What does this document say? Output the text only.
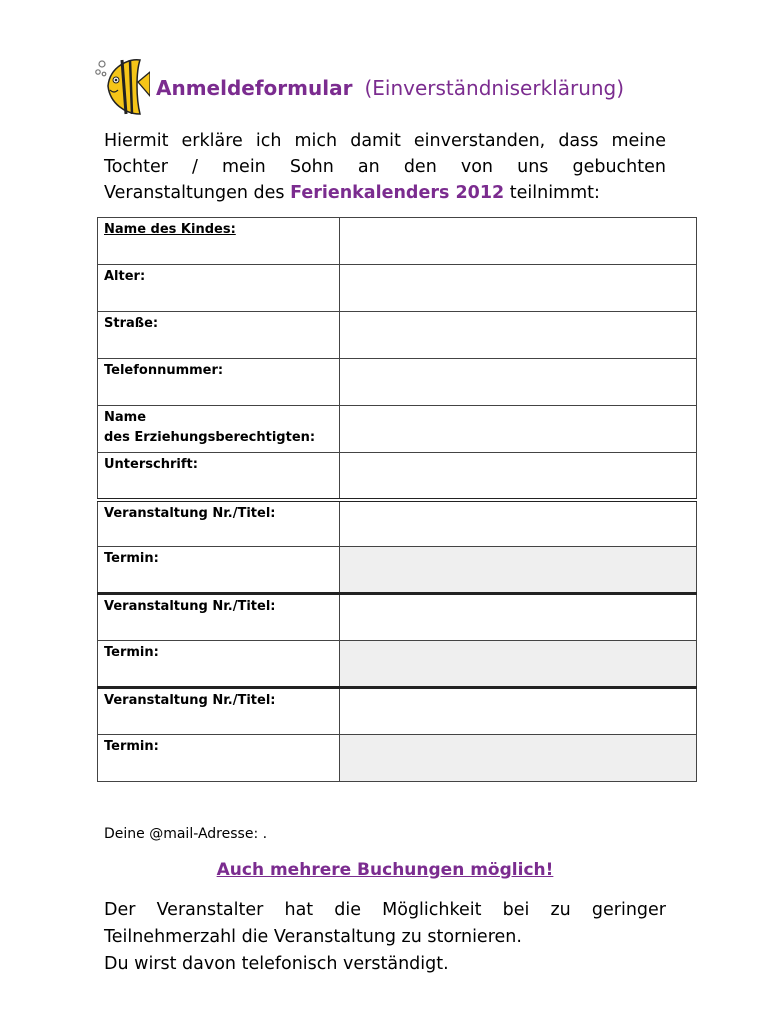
Anmeldeformular (Einverständniserklärung)
Hiermit erkläre ich mich damit einverstanden, dass meine Tochter / mein Sohn an den von uns gebuchten Veranstaltungen des Ferienkalenders 2012 teilnimmt:
Name des Kindes:	
Alter:	
Straße:	
Telefonnummer:	
Name
des Erziehungsberechtigten:	
Unterschrift:	
Veranstaltung Nr./Titel:	
Termin:	
Veranstaltung Nr./Titel:	
Termin:	
Veranstaltung Nr./Titel:	
Termin:	
Deine @mail-Adresse: .
Auch mehrere Buchungen möglich!
Der Veranstalter hat die Möglichkeit bei zu geringer
Teilnehmerzahl die Veranstaltung zu stornieren.
Du wirst davon telefonisch verständigt.
